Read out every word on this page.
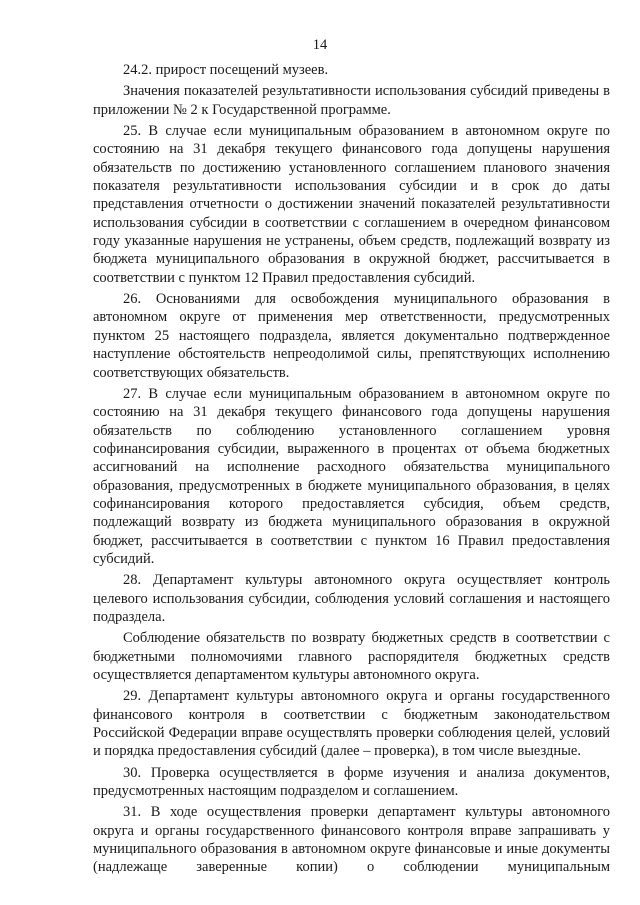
14

24.2. прирост посещений музеев.

Значения показателей результативности использования субсидий приведены в приложении № 2 к Государственной программе.

25. В случае если муниципальным образованием в автономном округе по состоянию на 31 декабря текущего финансового года допущены нарушения обязательств по достижению установленного соглашением планового значения показателя результативности использования субсидии и в срок до даты представления отчетности о достижении значений показателей результативности использования субсидии в соответствии с соглашением в очередном финансовом году указанные нарушения не устранены, объем средств, подлежащий возврату из бюджета муниципального образования в окружной бюджет, рассчитывается в соответствии с пунктом 12 Правил предоставления субсидий.

26. Основаниями для освобождения муниципального образования в автономном округе от применения мер ответственности, предусмотренных пунктом 25 настоящего подраздела, является документально подтвержденное наступление обстоятельств непреодолимой силы, препятствующих исполнению соответствующих обязательств.

27. В случае если муниципальным образованием в автономном округе по состоянию на 31 декабря текущего финансового года допущены нарушения обязательств по соблюдению установленного соглашением уровня софинансирования субсидии, выраженного в процентах от объема бюджетных ассигнований на исполнение расходного обязательства муниципального образования, предусмотренных в бюджете муниципального образования, в целях софинансирования которого предоставляется субсидия, объем средств, подлежащий возврату из бюджета муниципального образования в окружной бюджет, рассчитывается в соответствии с пунктом 16 Правил предоставления субсидий.

28. Департамент культуры автономного округа осуществляет контроль целевого использования субсидии, соблюдения условий соглашения и настоящего подраздела.

Соблюдение обязательств по возврату бюджетных средств в соответствии с бюджетными полномочиями главного распорядителя бюджетных средств осуществляется департаментом культуры автономного округа.

29. Департамент культуры автономного округа и органы государственного финансового контроля в соответствии с бюджетным законодательством Российской Федерации вправе осуществлять проверки соблюдения целей, условий и порядка предоставления субсидий (далее – проверка), в том числе выездные.

30. Проверка осуществляется в форме изучения и анализа документов, предусмотренных настоящим подразделом и соглашением.

31. В ходе осуществления проверки департамент культуры автономного округа и органы государственного финансового контроля вправе запрашивать у муниципального образования в автономном округе финансовые и иные документы (надлежаще заверенные копии) о соблюдении муниципальным
